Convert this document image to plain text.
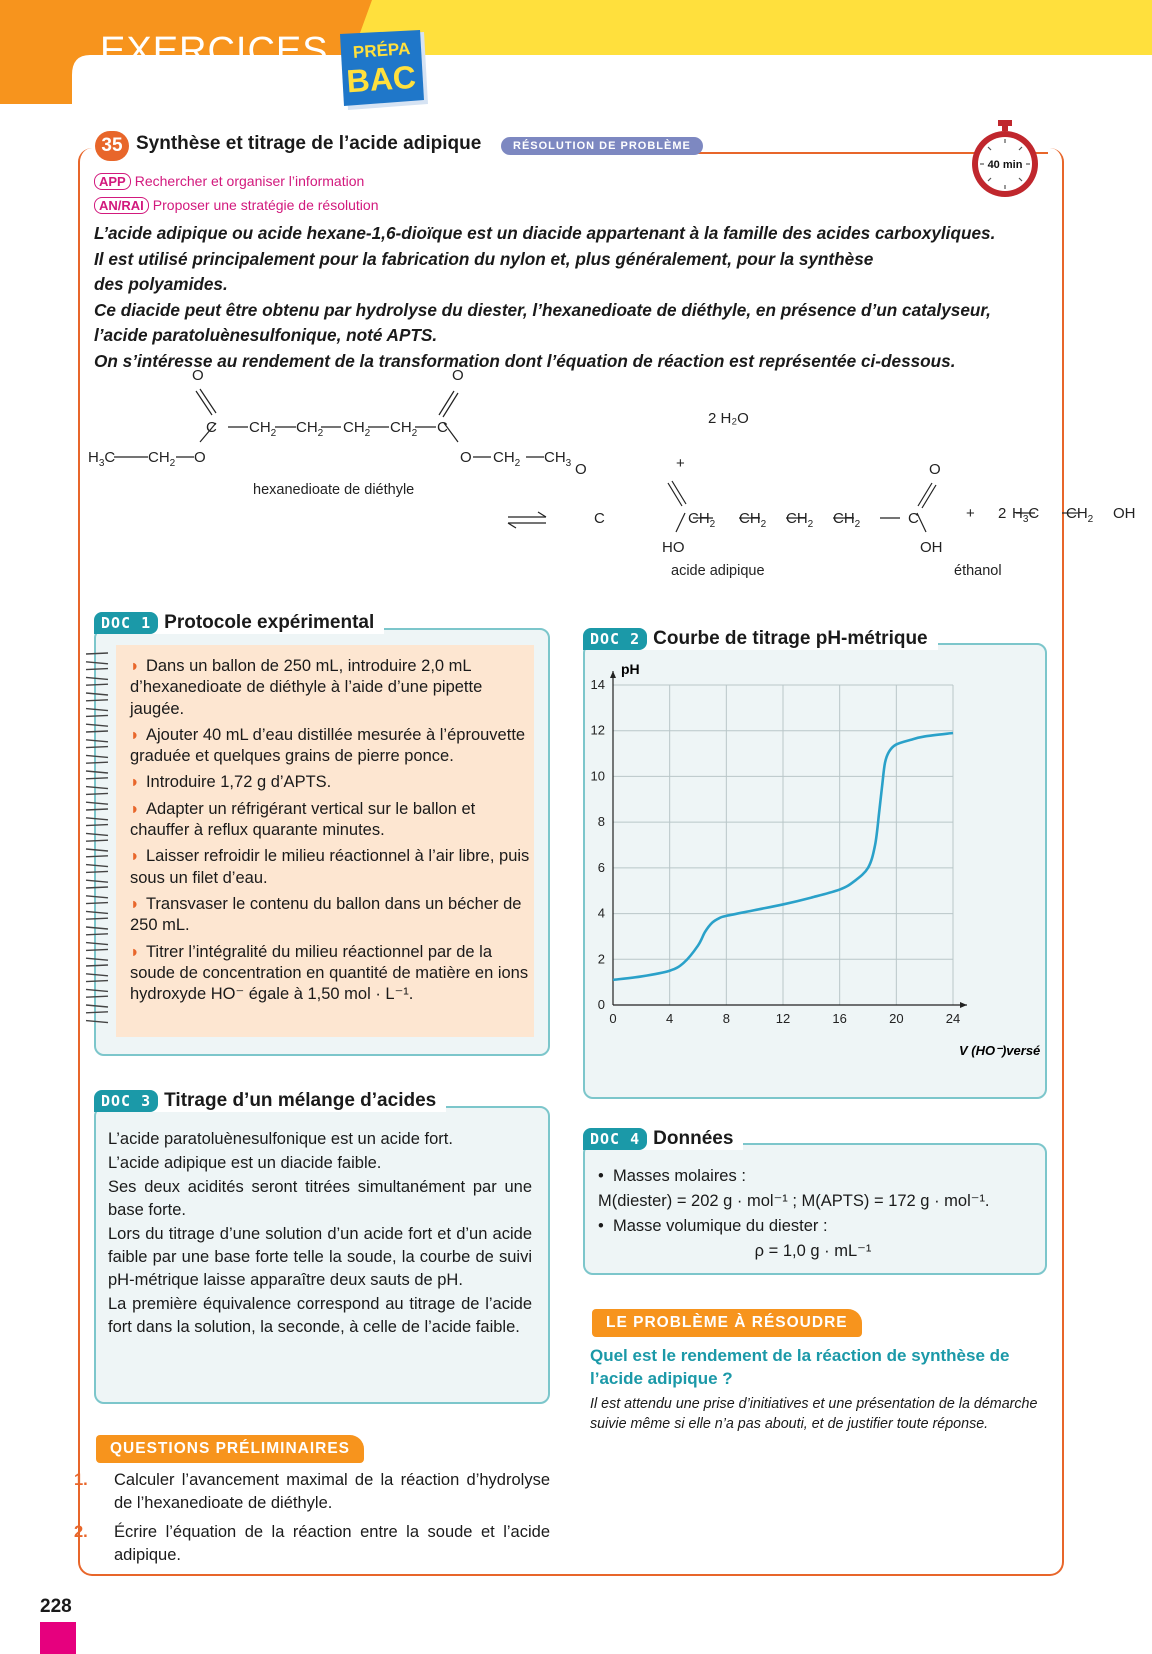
EXERCICES PRÉPA
BAC
35 Synthèse et titrage de l’acide adipique	RÉSOLUTION DE PROBLÈME
40 min
APP Rechercher et organiser l’information
AN/RAI Proposer une stratégie de résolution

L’acide adipique ou acide hexane-1,6-dioïque est un diacide appartenant à la famille des acides carboxyliques.

Il est utilisé principalement pour la fabrication du nylon et, plus généralement, pour la synthèse

des polyamides.

Ce diacide peut être obtenu par hydrolyse du diester, l’hexanedioate de diéthyle, en présence d’un catalyseur,

l’acide paratoluènesulfonique, noté APTS.

On s’intéresse au rendement de la transformation dont l’équation de réaction est représentée ci-dessous.

O
C $CH_2$ $CH_2$ $CH_2$ $CH_2$ C
O
$H_3C$ $CH_2$ O	O $CH_2$ $CH_3$	+
2 H₂O
O
C	$CH_2$ $CH_2$ $CH_2$ $CH_2$	C
O
HO	OH
+ 2 $H_3C$ $CH_2$ OH
hexanedioate de diéthyle
acide adipique	éthanol
DOC 1 Protocole expérimental
◗ Dans un ballon de 250 mL, introduire 2,0 mL d’hexanedioate de diéthyle à l’aide d’une pipette jaugée.
◗ Ajouter 40 mL d’eau distillée mesurée à l’éprouvette graduée et quelques grains de pierre ponce.
◗ Introduire 1,72 g d’APTS.
◗ Adapter un réfrigérant vertical sur le ballon et chauffer à reflux quarante minutes.
◗ Laisser refroidir le milieu réactionnel à l’air libre, puis sous un filet d’eau.
◗ Transvaser le contenu du ballon dans un bécher de 250 mL.
◗ Titrer l’intégralité du milieu réactionnel par de la soude de concentration en quantité de matière en ions hydroxyde HO⁻ égale à 1,50 mol · L⁻¹.
DOC 2 Courbe de titrage pH-métrique
0	4	8	12	16	20	24
0
2
4
6
8
10
12
14
pH
V (HO⁻)versé
DOC 3 Titrage d’un mélange d’acides

L’acide paratoluènesulfonique est un acide fort.

L’acide adipique est un diacide faible.

Ses deux acidités seront titrées simultanément par une base forte.

Lors du titrage d’une solution d’un acide fort et d’un acide faible par une base forte telle la soude, la courbe de suivi pH-métrique laisse apparaître deux sauts de pH.

La première équivalence correspond au titrage de l’acide fort dans la solution, la seconde, à celle de l’acide faible.

DOC 4 Données
•  Masses molaires :
M(diester) = 202 g · mol⁻¹ ; M(APTS) = 172 g · mol⁻¹.
•  Masse volumique du diester :
ρ = 1,0 g · mL⁻¹
LE PROBLÈME À RÉSOUDRE
Quel est le rendement de la réaction de synthèse de l’acide adipique ?
Il est attendu une prise d’initiatives et une présentation de la démarche suivie même si elle n’a pas abouti, et de justifier toute réponse.
QUESTIONS PRÉLIMINAIRES
1. Calculer l’avancement maximal de la réaction d’hydrolyse de l’hexanedioate de diéthyle.
2. Écrire l’équation de la réaction entre la soude et l’acide adipique.
228
